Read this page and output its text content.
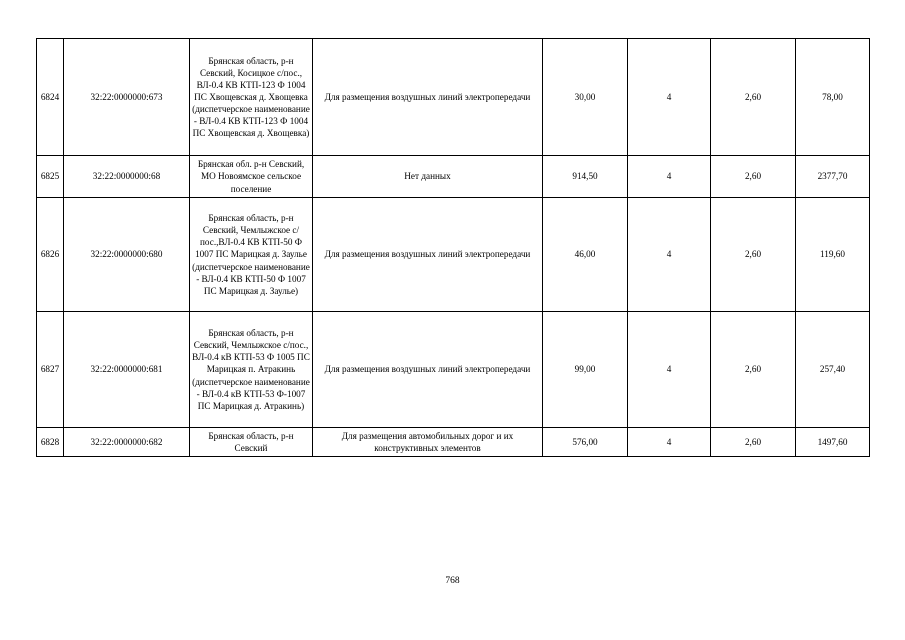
6824	32:22:0000000:673	Брянская область, р-н Севский, Косицкое с/пос., ВЛ-0.4 КВ КТП-123 Ф 1004 ПС Хвощевская д. Хвощевка (диспетчерское наименование - ВЛ-0.4 КВ КТП-123 Ф 1004 ПС Хвощевская д. Хвощевка)	Для размещения воздушных линий электропередачи	30,00	4	2,60	78,00
6825	32:22:0000000:68	Брянская обл. р-н Севский, МО Новоямское сельское поселение	Нет данных	914,50	4	2,60	2377,70
6826	32:22:0000000:680	Брянская область, р-н Севский, Чемлыжское с/пос.,ВЛ-0.4 КВ КТП-50 Ф 1007 ПС Марицкая д. Заулье (диспетчерское наименование - ВЛ-0.4 КВ КТП-50 Ф 1007 ПС Марицкая д. Заулье)	Для размещения воздушных линий электропередачи	46,00	4	2,60	119,60
6827	32:22:0000000:681	Брянская область, р-н Севский, Чемлыжское с/пос., ВЛ-0.4 кВ КТП-53 Ф 1005 ПС Марицкая п. Атракинь (диспетчерское наименование - ВЛ-0.4 кВ КТП-53 Ф-1007 ПС Марицкая д. Атракинь)	Для размещения воздушных линий электропередачи	99,00	4	2,60	257,40
6828	32:22:0000000:682	Брянская область, р-н Севский	Для размещения автомобильных дорог и их конструктивных элементов	576,00	4	2,60	1497,60
768
